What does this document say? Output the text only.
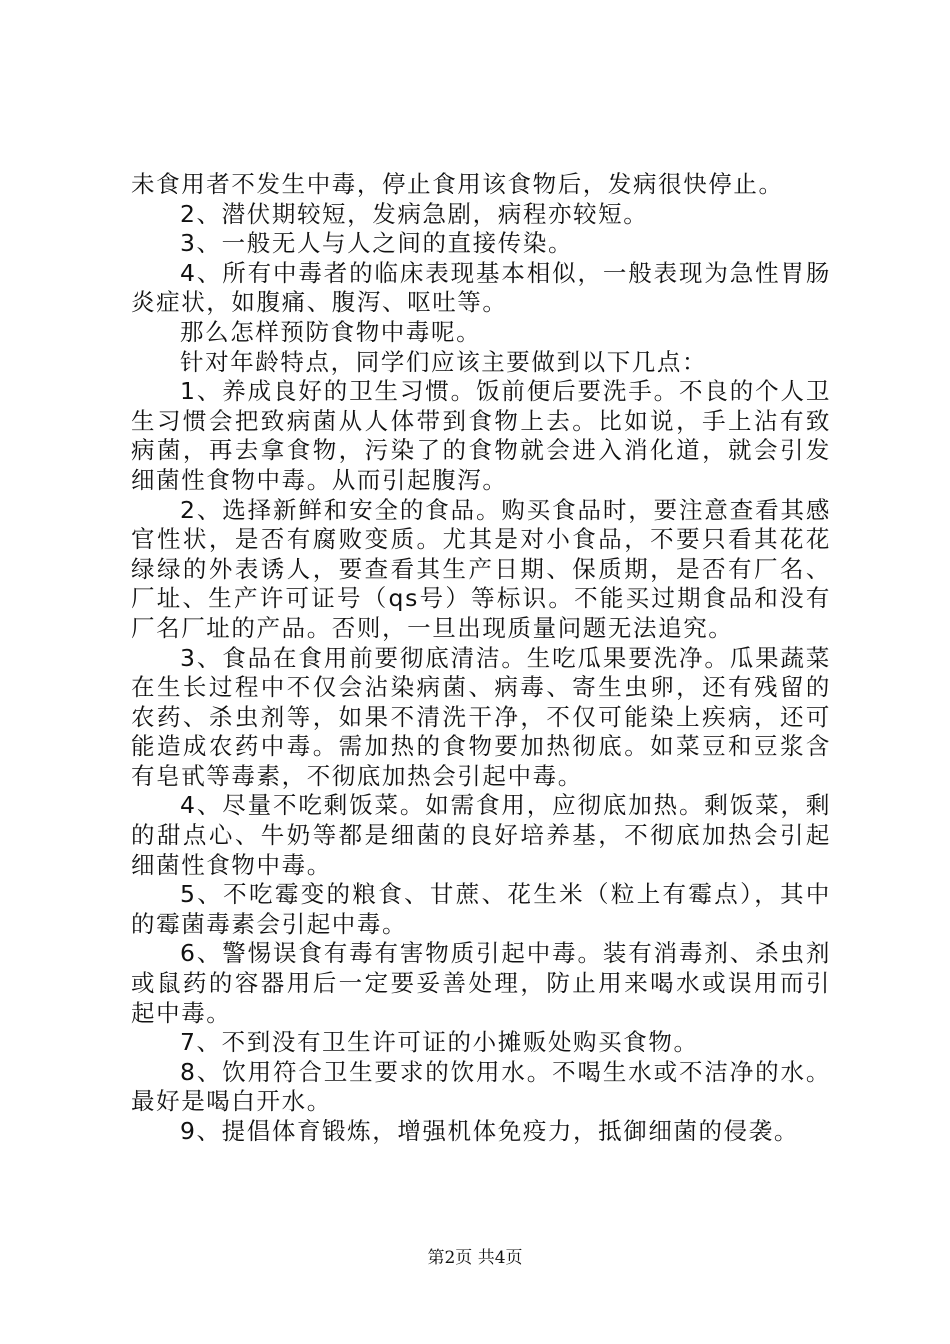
未食用者不发生中毒，停止食用该食物后，发病很快停止。

2、潜伏期较短，发病急剧，病程亦较短。

3、一般无人与人之间的直接传染。

4、所有中毒者的临床表现基本相似，一般表现为急性胃肠炎症状，如腹痛、腹泻、呕吐等。

那么怎样预防食物中毒呢。

针对年龄特点，同学们应该主要做到以下几点：

1、养成良好的卫生习惯。饭前便后要洗手。不良的个人卫生习惯会把致病菌从人体带到食物上去。比如说，手上沾有致病菌，再去拿食物，污染了的食物就会进入消化道，就会引发细菌性食物中毒。从而引起腹泻。

2、选择新鲜和安全的食品。购买食品时，要注意查看其感官性状，是否有腐败变质。尤其是对小食品，不要只看其花花绿绿的外表诱人，要查看其生产日期、保质期，是否有厂名、厂址、生产许可证号（qs号）等标识。不能买过期食品和没有厂名厂址的产品。否则，一旦出现质量问题无法追究。

3、食品在食用前要彻底清洁。生吃瓜果要洗净。瓜果蔬菜在生长过程中不仅会沾染病菌、病毒、寄生虫卵，还有残留的农药、杀虫剂等，如果不清洗干净，不仅可能染上疾病，还可能造成农药中毒。需加热的食物要加热彻底。如菜豆和豆浆含有皂甙等毒素，不彻底加热会引起中毒。

4、尽量不吃剩饭菜。如需食用，应彻底加热。剩饭菜，剩的甜点心、牛奶等都是细菌的良好培养基，不彻底加热会引起细菌性食物中毒。

5、不吃霉变的粮食、甘蔗、花生米（粒上有霉点），其中的霉菌毒素会引起中毒。

6、警惕误食有毒有害物质引起中毒。装有消毒剂、杀虫剂或鼠药的容器用后一定要妥善处理，防止用来喝水或误用而引起中毒。

7、不到没有卫生许可证的小摊贩处购买食物。

8、饮用符合卫生要求的饮用水。不喝生水或不洁净的水。最好是喝白开水。

9、提倡体育锻炼，增强机体免疫力，抵御细菌的侵袭。

第2页 共4页
